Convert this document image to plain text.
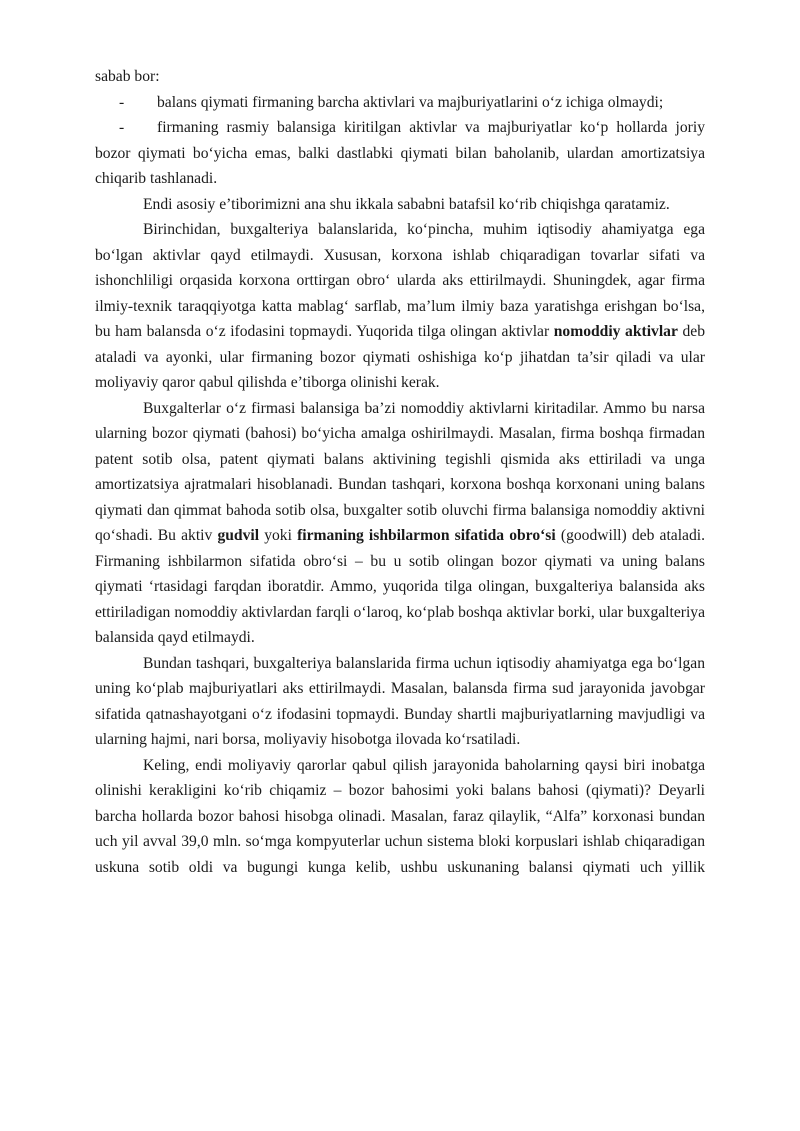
sabab bor:

- balans qiymati firmaning barcha aktivlari va majburiyatlarini o‘z ichiga olmaydi;

- firmaning rasmiy balansiga kiritilgan aktivlar va majburiyatlar ko‘p hollarda joriy bozor qiymati bo‘yicha emas, balki dastlabki qiymati bilan baholanib, ulardan amortizatsiya chiqarib tashlanadi.

Endi asosiy e’tiborimizni ana shu ikkala sababni batafsil ko‘rib chiqishga qaratamiz.

Birinchidan, buxgalteriya balanslarida, ko‘pincha, muhim iqtisodiy ahamiyatga ega bo‘lgan aktivlar qayd etilmaydi. Xususan, korxona ishlab chiqaradigan tovarlar sifati va ishonchliligi orqasida korxona orttirgan obro‘ ularda aks ettirilmaydi. Shuningdek, agar firma ilmiy-texnik taraqqiyotga katta mablag‘ sarflab, ma’lum ilmiy baza yaratishga erishgan bo‘lsa, bu ham balansda o‘z ifodasini topmaydi. Yuqorida tilga olingan aktivlar nomoddiy aktivlar deb ataladi va ayonki, ular firmaning bozor qiymati oshishiga ko‘p jihatdan ta’sir qiladi va ular moliyaviy qaror qabul qilishda e’tiborga olinishi kerak.

Buxgalterlar o‘z firmasi balansiga ba’zi nomoddiy aktivlarni kiritadilar. Ammo bu narsa ularning bozor qiymati (bahosi) bo‘yicha amalga oshirilmaydi. Masalan, firma boshqa firmadan patent sotib olsa, patent qiymati balans aktivining tegishli qismida aks ettiriladi va unga amortizatsiya ajratmalari hisoblanadi. Bundan tashqari, korxona boshqa korxonani uning balans qiymati dan qimmat bahoda sotib olsa, buxgalter sotib oluvchi firma balansiga nomoddiy aktivni qo‘shadi. Bu aktiv gudvil yoki firmaning ishbilarmon sifatida obro‘si (goodwill) deb ataladi. Firmaning ishbilarmon sifatida obro‘si – bu u sotib olingan bozor qiymati va uning balans qiymati ‘rtasidagi farqdan iboratdir. Ammo, yuqorida tilga olingan, buxgalteriya balansida aks ettiriladigan nomoddiy aktivlardan farqli o‘laroq, ko‘plab boshqa aktivlar borki, ular buxgalteriya balansida qayd etilmaydi.

Bundan tashqari, buxgalteriya balanslarida firma uchun iqtisodiy ahamiyatga ega bo‘lgan uning ko‘plab majburiyatlari aks ettirilmaydi. Masalan, balansda firma sud jarayonida javobgar sifatida qatnashayotgani o‘z ifodasini topmaydi. Bunday shartli majburiyatlarning mavjudligi va ularning hajmi, nari borsa, moliyaviy hisobotga ilovada ko‘rsatiladi.

Keling, endi moliyaviy qarorlar qabul qilish jarayonida baholarning qaysi biri inobatga olinishi kerakligini ko‘rib chiqamiz – bozor bahosimi yoki balans bahosi (qiymati)? Deyarli barcha hollarda bozor bahosi hisobga olinadi. Masalan, faraz qilaylik, “Alfa” korxonasi bundan uch yil avval 39,0 mln. so‘mga kompyuterlar uchun sistema bloki korpuslari ishlab chiqaradigan uskuna sotib oldi va bugungi kunga kelib, ushbu uskunaning balansi qiymati uch yillik
